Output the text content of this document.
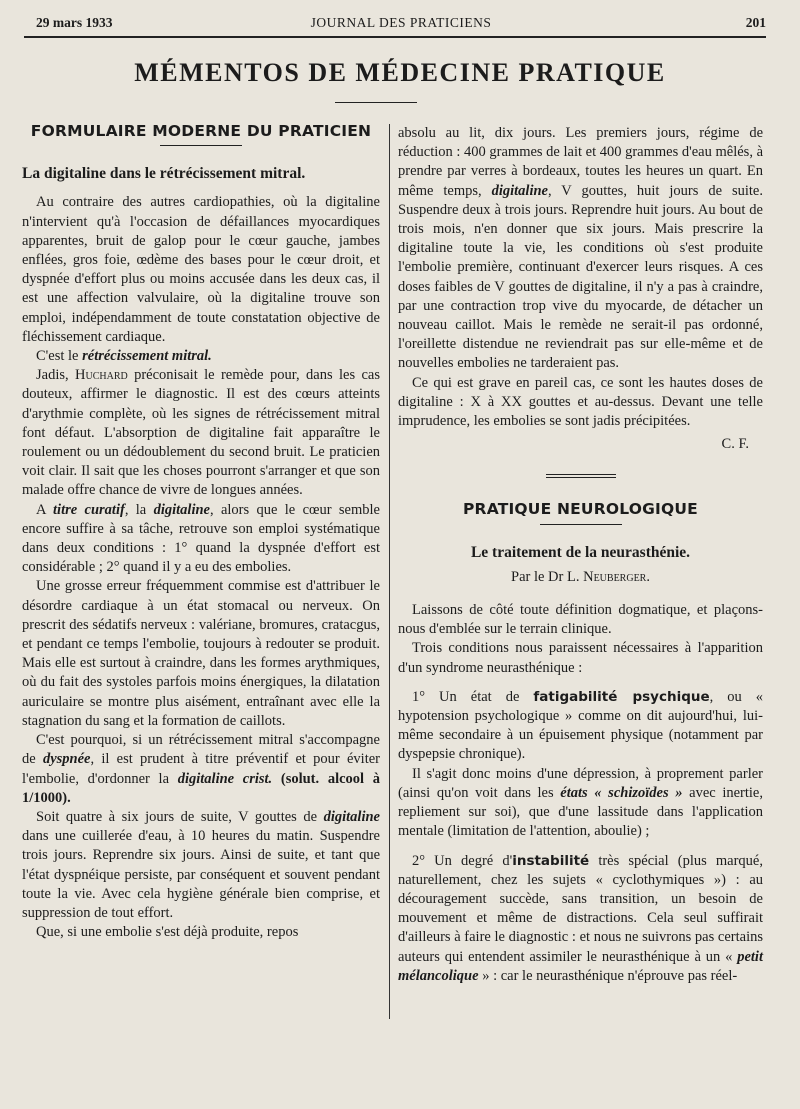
29 mars 1933	JOURNAL DES PRATICIENS	201
MÉMENTOS DE MÉDECINE PRATIQUE
FORMULAIRE MODERNE DU PRATICIEN
La digitaline dans le rétrécissement mitral.

Au contraire des autres cardiopathies, où la digitaline n'intervient qu'à l'occasion de défaillances myocardiques apparentes, bruit de galop pour le cœur gauche, jambes enflées, gros foie, œdème des bases pour le cœur droit, et dyspnée d'effort plus ou moins accusée dans les deux cas, il est une affection valvulaire, où la digitaline trouve son emploi, indépendamment de toute constatation objective de fléchissement cardiaque.

C'est le rétrécissement mitral.

Jadis, Huchard préconisait le remède pour, dans les cas douteux, affirmer le diagnostic. Il est des cœurs atteints d'arythmie complète, où les signes de rétrécissement mitral font défaut. L'absorption de digitaline fait apparaître le roulement ou un dédoublement du second bruit. Le praticien voit clair. Il sait que les choses pourront s'arranger et que son malade offre chance de vivre de longues années.

A titre curatif, la digitaline, alors que le cœur semble encore suffire à sa tâche, retrouve son emploi systématique dans deux conditions : 1° quand la dyspnée d'effort est considérable ; 2° quand il y a eu des embolies.

Une grosse erreur fréquemment commise est d'attribuer le désordre cardiaque à un état stomacal ou nerveux. On prescrit des sédatifs nerveux : valériane, bromures, cratacgus, et pendant ce temps l'embolie, toujours à redouter se produit. Mais elle est surtout à craindre, dans les formes arythmiques, où du fait des systoles parfois moins énergiques, la dilatation auriculaire se montre plus aisément, entraînant avec elle la stagnation du sang et la formation de caillots.

C'est pourquoi, si un rétrécissement mitral s'accompagne de dyspnée, il est prudent à titre préventif et pour éviter l'embolie, d'ordonner la digitaline crist. (solut. alcool à 1/1000).

Soit quatre à six jours de suite, V gouttes de digitaline dans une cuillerée d'eau, à 10 heures du matin. Suspendre trois jours. Reprendre six jours. Ainsi de suite, et tant que l'état dyspnéique persiste, par conséquent et souvent pendant toute la vie. Avec cela hygiène générale bien comprise, et suppression de tout effort.

Que, si une embolie s'est déjà produite, repos

absolu au lit, dix jours. Les premiers jours, régime de réduction : 400 grammes de lait et 400 grammes d'eau mêlés, à prendre par verres à bordeaux, toutes les heures un quart. En même temps, digitaline, V gouttes, huit jours de suite. Suspendre deux à trois jours. Reprendre huit jours. Au bout de trois mois, n'en donner que six jours. Mais prescrire la digitaline toute la vie, les conditions où s'est produite l'embolie première, continuant d'exercer leurs risques. A ces doses faibles de V gouttes de digitaline, il n'y a pas à craindre, par une contraction trop vive du myocarde, de détacher un nouveau caillot. Mais le remède ne serait-il pas ordonné, l'oreillette distendue ne reviendrait pas sur elle-même et de nouvelles embolies ne tarderaient pas.

Ce qui est grave en pareil cas, ce sont les hautes doses de digitaline : X à XX gouttes et au-dessus. Devant une telle imprudence, les embolies se sont jadis précipitées.

C. F.
PRATIQUE NEUROLOGIQUE
Le traitement de la neurasthénie.
Par le Dr L. Neuberger.

Laissons de côté toute définition dogmatique, et plaçons-nous d'emblée sur le terrain clinique.

Trois conditions nous paraissent nécessaires à l'apparition d'un syndrome neurasthénique :

1° Un état de fatigabilité psychique, ou « hypotension psychologique » comme on dit aujourd'hui, lui-même secondaire à un épuisement physique (notamment par dyspepsie chronique).

Il s'agit donc moins d'une dépression, à proprement parler (ainsi qu'on voit dans les états « schizoïdes » avec inertie, repliement sur soi), que d'une lassitude dans l'application mentale (limitation de l'attention, aboulie) ;

2° Un degré d'instabilité très spécial (plus marqué, naturellement, chez les sujets « cyclothymiques ») : au découragement succède, sans transition, un besoin de mouvement et même de distractions. Cela seul suffirait d'ailleurs à faire le diagnostic : et nous ne suivrons pas certains auteurs qui entendent assimiler le neurasthénique à un « petit mélancolique » : car le neurasthénique n'éprouve pas réel-
